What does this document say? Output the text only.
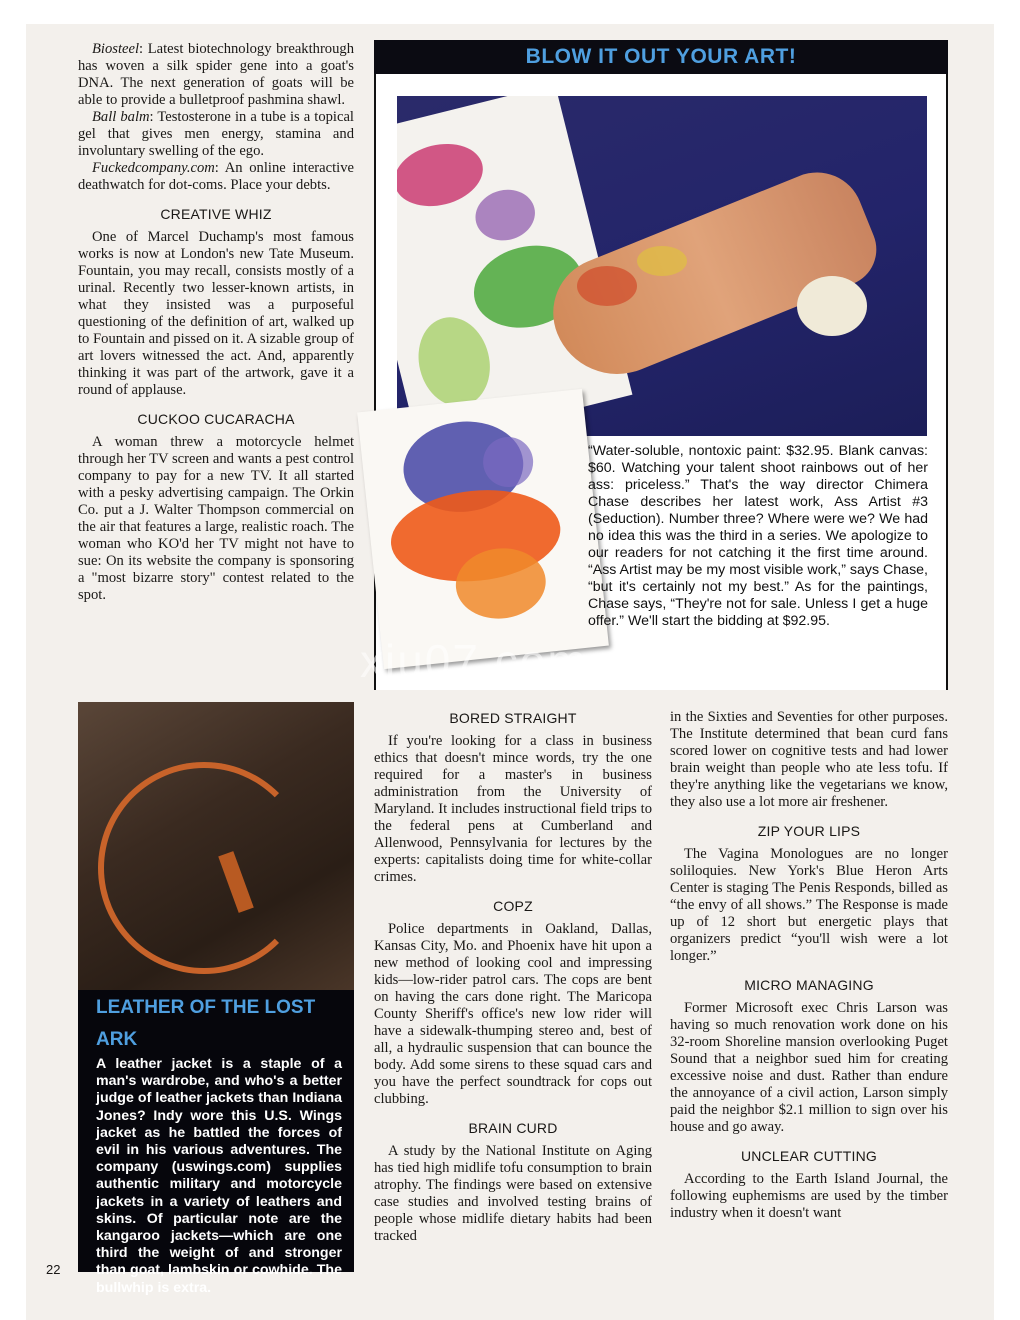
Biosteel: Latest biotechnology breakthrough has woven a silk spider gene into a goat's DNA. The next generation of goats will be able to provide a bulletproof pashmina shawl.

Ball balm: Testosterone in a tube is a topical gel that gives men energy, stamina and involuntary swelling of the ego.

Fuckedcompany.com: An online interactive deathwatch for dot-coms. Place your debts.

CREATIVE WHIZ

One of Marcel Duchamp's most famous works is now at London's new Tate Museum. Fountain, you may recall, consists mostly of a urinal. Recently two lesser-known artists, in what they insisted was a purposeful questioning of the definition of art, walked up to Fountain and pissed on it. A sizable group of art lovers witnessed the act. And, apparently thinking it was part of the artwork, gave it a round of applause.

CUCKOO CUCARACHA

A woman threw a motorcycle helmet through her TV screen and wants a pest control company to pay for a new TV. It all started with a pesky advertising campaign. The Orkin Co. put a J. Walter Thompson commercial on the air that features a large, realistic roach. The woman who KO'd her TV might not have to sue: On its website the company is sponsoring a "most bizarre story" contest related to the spot.

BLOW IT OUT YOUR ART!
“Water-soluble, nontoxic paint: $32.95. Blank canvas: $60. Watching your talent shoot rainbows out of her ass: priceless.” That's the way director Chimera Chase describes her latest work, Ass Artist #3 (Seduction). Number three? Where were we? We had no idea this was the third in a series. We apologize to our readers for not catching it the first time around. “Ass Artist may be my most visible work,” says Chase, “but it's certainly not my best.” As for the paintings, Chase says, “They're not for sale. Unless I get a huge offer.” We'll start the bidding at $92.95.
LEATHER OF THE LOST ARK
A leather jacket is a staple of a man's wardrobe, and who's a better judge of leather jackets than Indiana Jones? Indy wore this U.S. Wings jacket as he battled the forces of evil in his various adventures. The company (uswings.com) supplies authentic military and motorcycle jackets in a variety of leathers and skins. Of particular note are the kangaroo jackets—which are one third the weight of and stronger than goat, lambskin or cowhide. The bullwhip is extra.
BORED STRAIGHT

If you're looking for a class in business ethics that doesn't mince words, try the one required for a master's in business administration from the University of Maryland. It includes instructional field trips to the federal pens at Cumberland and Allenwood, Pennsylvania for lectures by the experts: capitalists doing time for white-collar crimes.

COPZ

Police departments in Oakland, Dallas, Kansas City, Mo. and Phoenix have hit upon a new method of looking cool and impressing kids—low-rider patrol cars. The cops are bent on having the cars done right. The Maricopa County Sheriff's office's new low rider will have a sidewalk-thumping stereo and, best of all, a hydraulic suspension that can bounce the body. Add some sirens to these squad cars and you have the perfect soundtrack for cops out clubbing.

BRAIN CURD

A study by the National Institute on Aging has tied high midlife tofu consumption to brain atrophy. The findings were based on extensive case studies and involved testing brains of people whose midlife dietary habits had been tracked

in the Sixties and Seventies for other purposes. The Institute determined that bean curd fans scored lower on cognitive tests and had lower brain weight than people who ate less tofu. If they're anything like the vegetarians we know, they also use a lot more air freshener.

ZIP YOUR LIPS

The Vagina Monologues are no longer soliloquies. New York's Blue Heron Arts Center is staging The Penis Responds, billed as “the envy of all shows.” The Response is made up of 12 short but energetic plays that organizers predict “you'll wish were a lot longer.”

MICRO MANAGING

Former Microsoft exec Chris Larson was having so much renovation work done on his 32-room Shoreline mansion overlooking Puget Sound that a neighbor sued him for creating excessive noise and dust. Rather than endure the annoyance of a civil action, Larson simply paid the neighbor $2.1 million to sign over his house and go away.

UNCLEAR CUTTING

According to the Earth Island Journal, the following euphemisms are used by the timber industry when it doesn't want

22
xiu07.com
